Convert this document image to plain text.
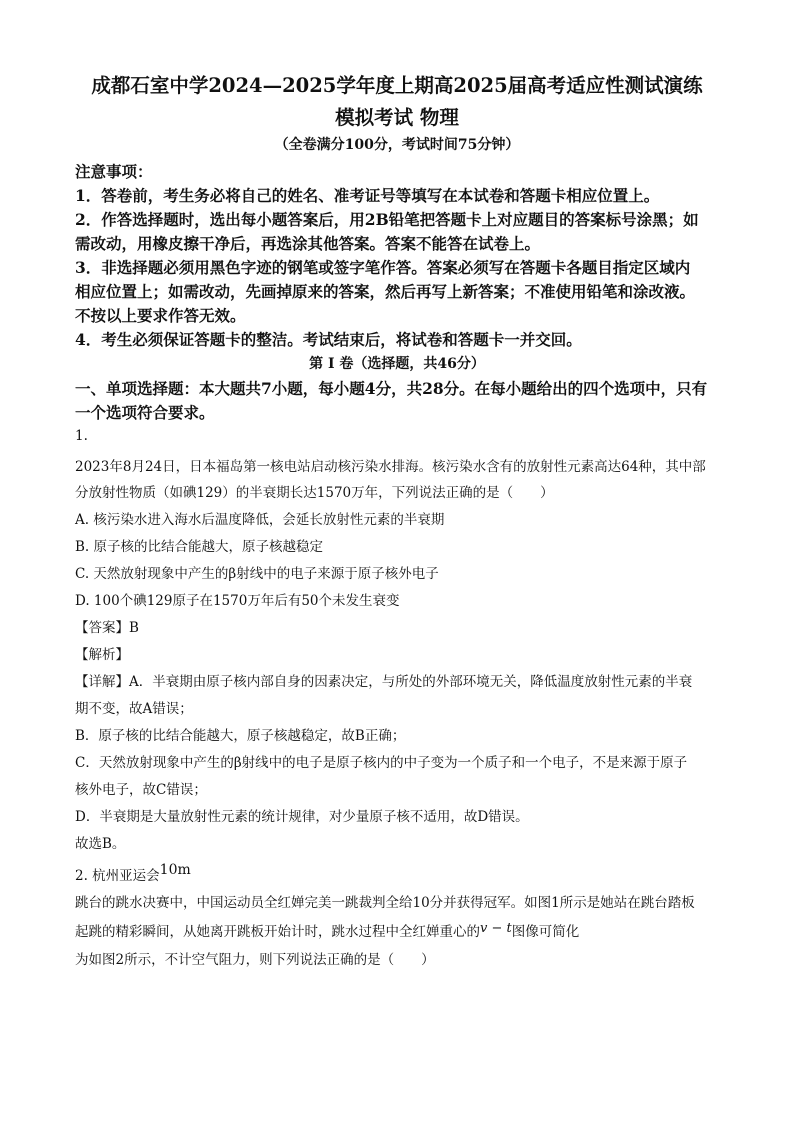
成都石室中学2024—2025学年度上期高2025届高考适应性测试演练
模拟考试 物理
（全卷满分100分，考试时间75分钟）
注意事项：
1．答卷前，考生务必将自己的姓名、准考证号等填写在本试卷和答题卡相应位置上。
2．作答选择题时，选出每小题答案后，用2B铅笔把答题卡上对应题目的答案标号涂黑；如
需改动，用橡皮擦干净后，再选涂其他答案。答案不能答在试卷上。
3．非选择题必须用黑色字迹的钢笔或签字笔作答。答案必须写在答题卡各题目指定区域内
相应位置上；如需改动，先画掉原来的答案，然后再写上新答案；不准使用铅笔和涂改液。
不按以上要求作答无效。
4．考生必须保证答题卡的整洁。考试结束后，将试卷和答题卡一并交回。
第 I 卷（选择题，共46分）
一、单项选择题：本大题共7小题，每小题4分，共28分。在每小题给出的四个选项中，只有
一个选项符合要求。
1.
2023年8月24日，日本福岛第一核电站启动核污染水排海。核污染水含有的放射性元素高达64种，其中部
分放射性物质（如碘129）的半衰期长达1570万年，下列说法正确的是（　　）
A. 核污染水进入海水后温度降低，会延长放射性元素的半衰期
B. 原子核的比结合能越大，原子核越稳定
C. 天然放射现象中产生的β射线中的电子来源于原子核外电子
D. 100个碘129原子在1570万年后有50个未发生衰变
【答案】B
【解析】
【详解】A．半衰期由原子核内部自身的因素决定，与所处的外部环境无关，降低温度放射性元素的半衰
期不变，故A错误；
B．原子核的比结合能越大，原子核越稳定，故B正确；
C．天然放射现象中产生的β射线中的电子是原子核内的中子变为一个质子和一个电子，不是来源于原子
核外电子，故C错误；
D．半衰期是大量放射性元素的统计规律，对少量原子核不适用，故D错误。
故选B。
2. 杭州亚运会10m
跳台的跳水决赛中，中国运动员全红婵完美一跳裁判全给10分并获得冠军。如图1所示是她站在跳台踏板
起跳的精彩瞬间，从她离开跳板开始计时，跳水过程中全红婵重心的v − t图像可简化
为如图2所示，不计空气阻力，则下列说法正确的是（　　）
